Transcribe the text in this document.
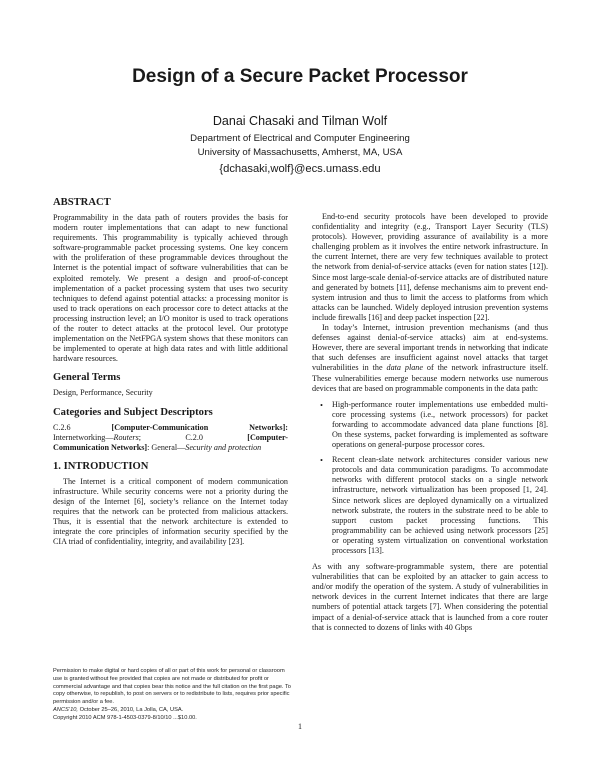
Design of a Secure Packet Processor

Danai Chasaki and Tilman Wolf

Department of Electrical and Computer Engineering

University of Massachusetts, Amherst, MA, USA

{dchasaki,wolf}@ecs.umass.edu

ABSTRACT

Programmability in the data path of routers provides the basis for modern router implementations that can adapt to new functional requirements. This programmability is typically achieved through software-programmable packet processing systems. One key concern with the proliferation of these programmable devices throughout the Internet is the potential impact of software vulnerabilities that can be exploited remotely. We present a design and proof-of-concept implementation of a packet processing system that uses two security techniques to defend against potential attacks: a processing monitor is used to track operations on each processor core to detect attacks at the processing instruction level; an I/O monitor is used to track operations of the router to detect attacks at the protocol level. Our prototype implementation on the NetFPGA system shows that these monitors can be implemented to operate at high data rates and with little additional hardware resources.

General Terms

Design, Performance, Security

Categories and Subject Descriptors
C.2.6	[Computer-Communication	Networks]:
Internetworking—Routers;	C.2.0	[Computer-
Communication Networks]: General—Security and protection
1. INTRODUCTION

The Internet is a critical component of modern communication infrastructure. While security concerns were not a priority during the design of the Internet [6], society’s reliance on the Internet today requires that the network can be protected from malicious attackers. Thus, it is essential that the network architecture is extended to integrate the core principles of information security specified by the CIA triad of confidentiality, integrity, and availability [23].

Permission to make digital or hard copies of all or part of this work for personal or classroom use is granted without fee provided that copies are not made or distributed for profit or commercial advantage and that copies bear this notice and the full citation on the first page. To copy otherwise, to republish, to post on servers or to redistribute to lists, requires prior specific permission and/or a fee.

ANCS’10, October 25–26, 2010, La Jolla, CA, USA.

Copyright 2010 ACM 978-1-4503-0379-8/10/10 ...$10.00.

End-to-end security protocols have been developed to provide confidentiality and integrity (e.g., Transport Layer Security (TLS) protocols). However, providing assurance of availability is a more challenging problem as it involves the entire network infrastructure. In the current Internet, there are very few techniques available to protect the network from denial-of-service attacks (even for nation states [12]). Since most large-scale denial-of-service attacks are of distributed nature and generated by botnets [11], defense mechanisms aim to prevent end-system intrusion and thus to limit the access to platforms from which attacks can be launched. Widely deployed intrusion prevention systems include firewalls [16] and deep packet inspection [22].

In today’s Internet, intrusion prevention mechanisms (and thus defenses against denial-of-service attacks) aim at end-systems. However, there are several important trends in networking that indicate that such defenses are insufficient against novel attacks that target vulnerabilities in the data plane of the network infrastructure itself. These vulnerabilities emerge because modern networks use numerous devices that are based on programmable components in the data path:

• High-performance router implementations use embedded multi-core processing systems (i.e., network processors) for packet forwarding to accommodate advanced data plane functions [8]. On these systems, packet forwarding is implemented as software operations on general-purpose processor cores.
• Recent clean-slate network architectures consider various new protocols and data communication paradigms. To accommodate networks with different protocol stacks on a single network infrastructure, network virtualization has been proposed [1, 24]. Since network slices are deployed dynamically on a virtualized network substrate, the routers in the substrate need to be able to support custom packet processing functions. This programmability can be achieved using network processors [25] or operating system virtualization on conventional workstation processors [13].

As with any software-programmable system, there are potential vulnerabilities that can be exploited by an attacker to gain access to and/or modify the operation of the system. A study of vulnerabilities in network devices in the current Internet indicates that there are large numbers of potential attack targets [7]. When considering the potential impact of a denial-of-service attack that is launched from a core router that is connected to dozens of links with 40 Gbps

1
